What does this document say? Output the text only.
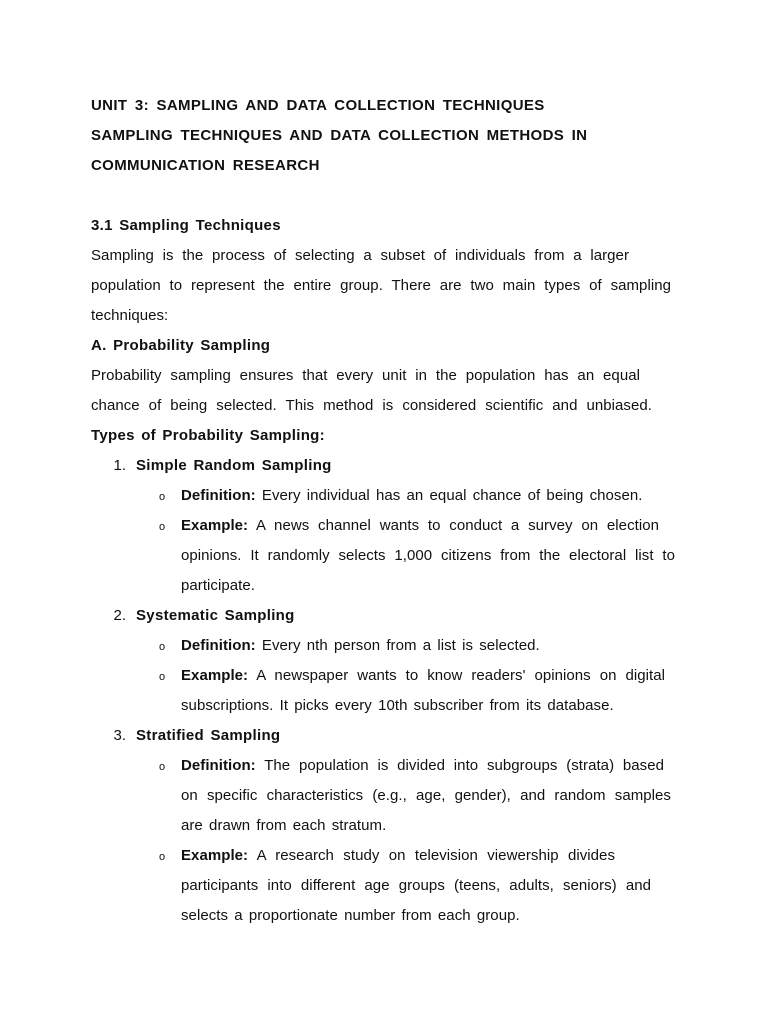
UNIT 3: SAMPLING AND DATA COLLECTION TECHNIQUES
SAMPLING TECHNIQUES AND DATA COLLECTION METHODS IN
COMMUNICATION RESEARCH
3.1 Sampling Techniques
Sampling is the process of selecting a subset of individuals from a larger
population to represent the entire group. There are two main types of sampling
techniques:
A. Probability Sampling
Probability sampling ensures that every unit in the population has an equal
chance of being selected. This method is considered scientific and unbiased.
Types of Probability Sampling:
1. Simple Random Sampling
o Definition: Every individual has an equal chance of being chosen.
o Example: A news channel wants to conduct a survey on election
opinions. It randomly selects 1,000 citizens from the electoral list to
participate.
2. Systematic Sampling
o Definition: Every nth person from a list is selected.
o Example: A newspaper wants to know readers' opinions on digital
subscriptions. It picks every 10th subscriber from its database.
3. Stratified Sampling
o Definition: The population is divided into subgroups (strata) based
on specific characteristics (e.g., age, gender), and random samples
are drawn from each stratum.
o Example: A research study on television viewership divides
participants into different age groups (teens, adults, seniors) and
selects a proportionate number from each group.
